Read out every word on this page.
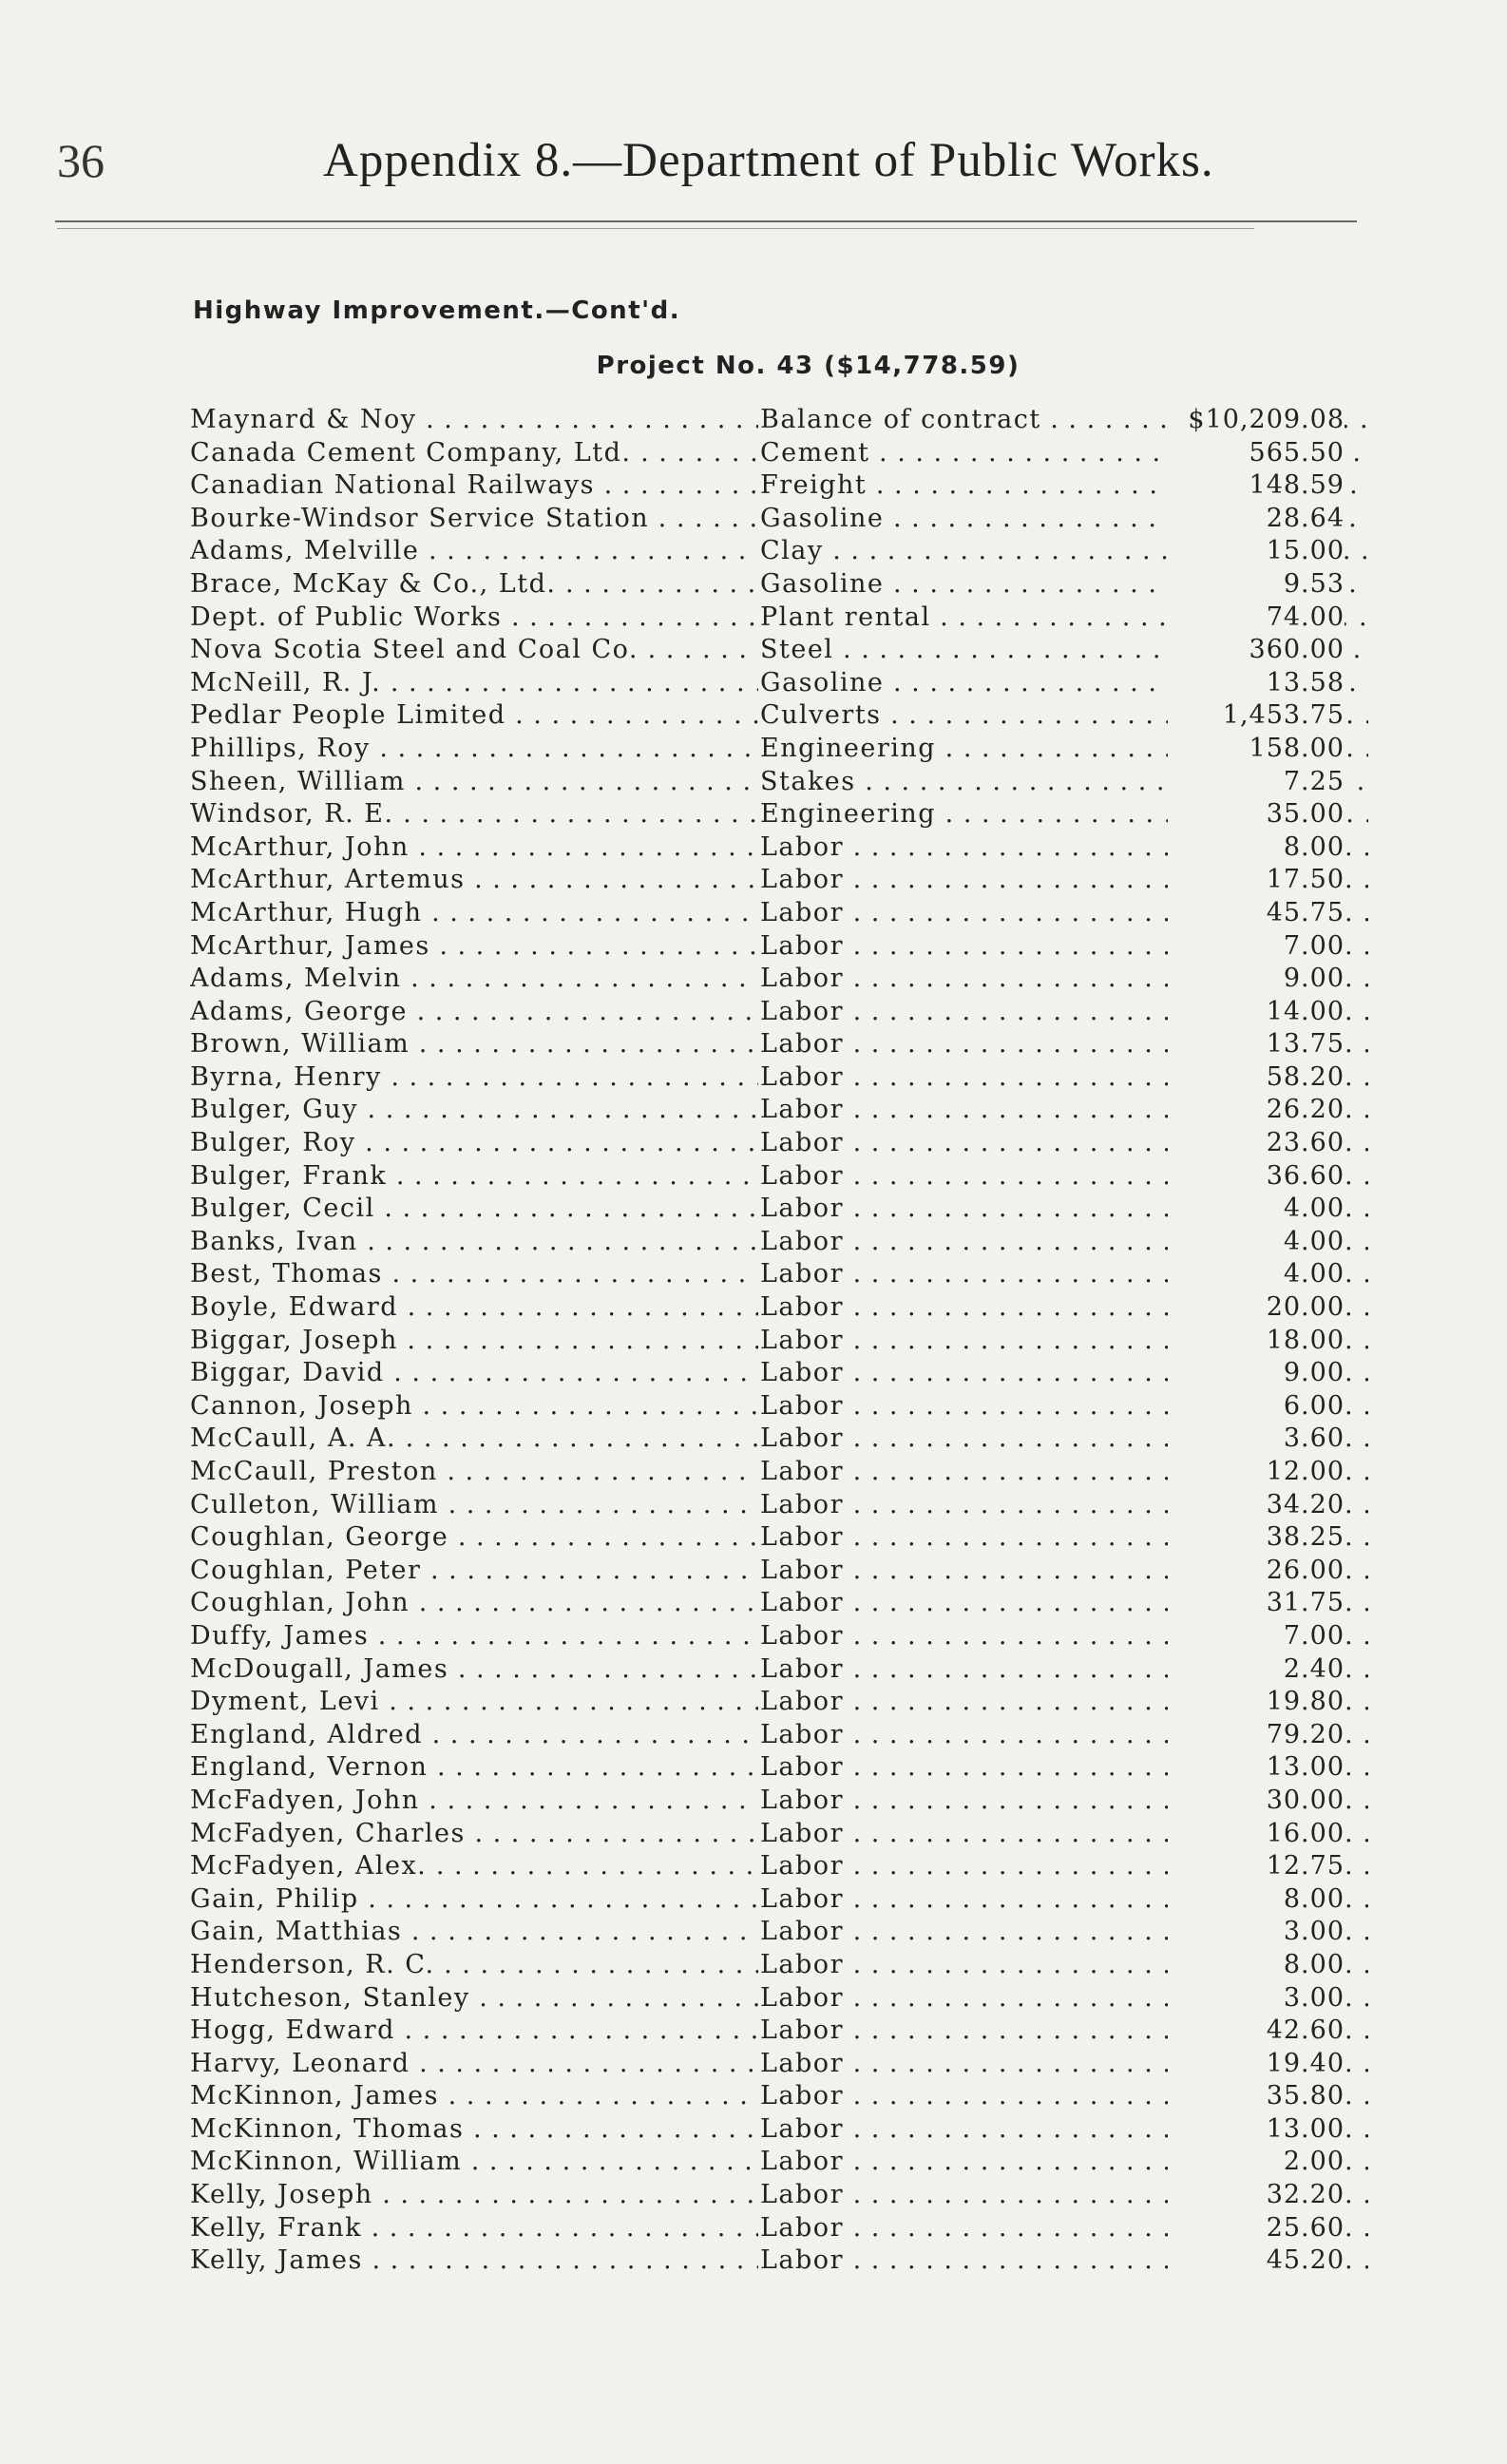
36	Appendix 8.—Department of Public Works.
Highway Improvement.—Cont'd.
Project No. 43 ($14,778.59)
Maynard & Noy . . .	Balance of contract . . .	$10,209.08
Canada Cement Company, Ltd. . . .	Cement . . .	565.50
Canadian National Railways . . .	Freight . . .	148.59
Bourke-Windsor Service Station . . .	Gasoline . . .	28.64
Adams, Melville . . .	Clay . . .	15.00
Brace, McKay & Co., Ltd. . . .	Gasoline . . .	9.53
Dept. of Public Works . . .	Plant rental . . .	74.00
Nova Scotia Steel and Coal Co. . . .	Steel . . .	360.00
McNeill, R. J. . . .	Gasoline . . .	13.58
Pedlar People Limited . . .	Culverts . . .	1,453.75
Phillips, Roy . . .	Engineering . . .	158.00
Sheen, William . . .	Stakes . . .	7.25
Windsor, R. E. . . .	Engineering . . .	35.00
McArthur, John . . .	Labor . . .	8.00
McArthur, Artemus . . .	Labor . . .	17.50
McArthur, Hugh . . .	Labor . . .	45.75
McArthur, James . . .	Labor . . .	7.00
Adams, Melvin . . .	Labor . . .	9.00
Adams, George . . .	Labor . . .	14.00
Brown, William . . .	Labor . . .	13.75
Byrna, Henry . . .	Labor . . .	58.20
Bulger, Guy . . .	Labor . . .	26.20
Bulger, Roy . . .	Labor . . .	23.60
Bulger, Frank . . .	Labor . . .	36.60
Bulger, Cecil . . .	Labor . . .	4.00
Banks, Ivan . . .	Labor . . .	4.00
Best, Thomas . . .	Labor . . .	4.00
Boyle, Edward . . .	Labor . . .	20.00
Biggar, Joseph . . .	Labor . . .	18.00
Biggar, David . . .	Labor . . .	9.00
Cannon, Joseph . . .	Labor . . .	6.00
McCaull, A. A. . . .	Labor . . .	3.60
McCaull, Preston . . .	Labor . . .	12.00
Culleton, William . . .	Labor . . .	34.20
Coughlan, George . . .	Labor . . .	38.25
Coughlan, Peter . . .	Labor . . .	26.00
Coughlan, John . . .	Labor . . .	31.75
Duffy, James . . .	Labor . . .	7.00
McDougall, James . . .	Labor . . .	2.40
Dyment, Levi . . .	Labor . . .	19.80
England, Aldred . . .	Labor . . .	79.20
England, Vernon . . .	Labor . . .	13.00
McFadyen, John . . .	Labor . . .	30.00
McFadyen, Charles . . .	Labor . . .	16.00
McFadyen, Alex. . . .	Labor . . .	12.75
Gain, Philip . . .	Labor . . .	8.00
Gain, Matthias . . .	Labor . . .	3.00
Henderson, R. C. . . .	Labor . . .	8.00
Hutcheson, Stanley . . .	Labor . . .	3.00
Hogg, Edward . . .	Labor . . .	42.60
Harvy, Leonard . . .	Labor . . .	19.40
McKinnon, James . . .	Labor . . .	35.80
McKinnon, Thomas . . .	Labor . . .	13.00
McKinnon, William . . .	Labor . . .	2.00
Kelly, Joseph . . .	Labor . . .	32.20
Kelly, Frank . . .	Labor . . .	25.60
Kelly, James . . .	Labor . . .	45.20
